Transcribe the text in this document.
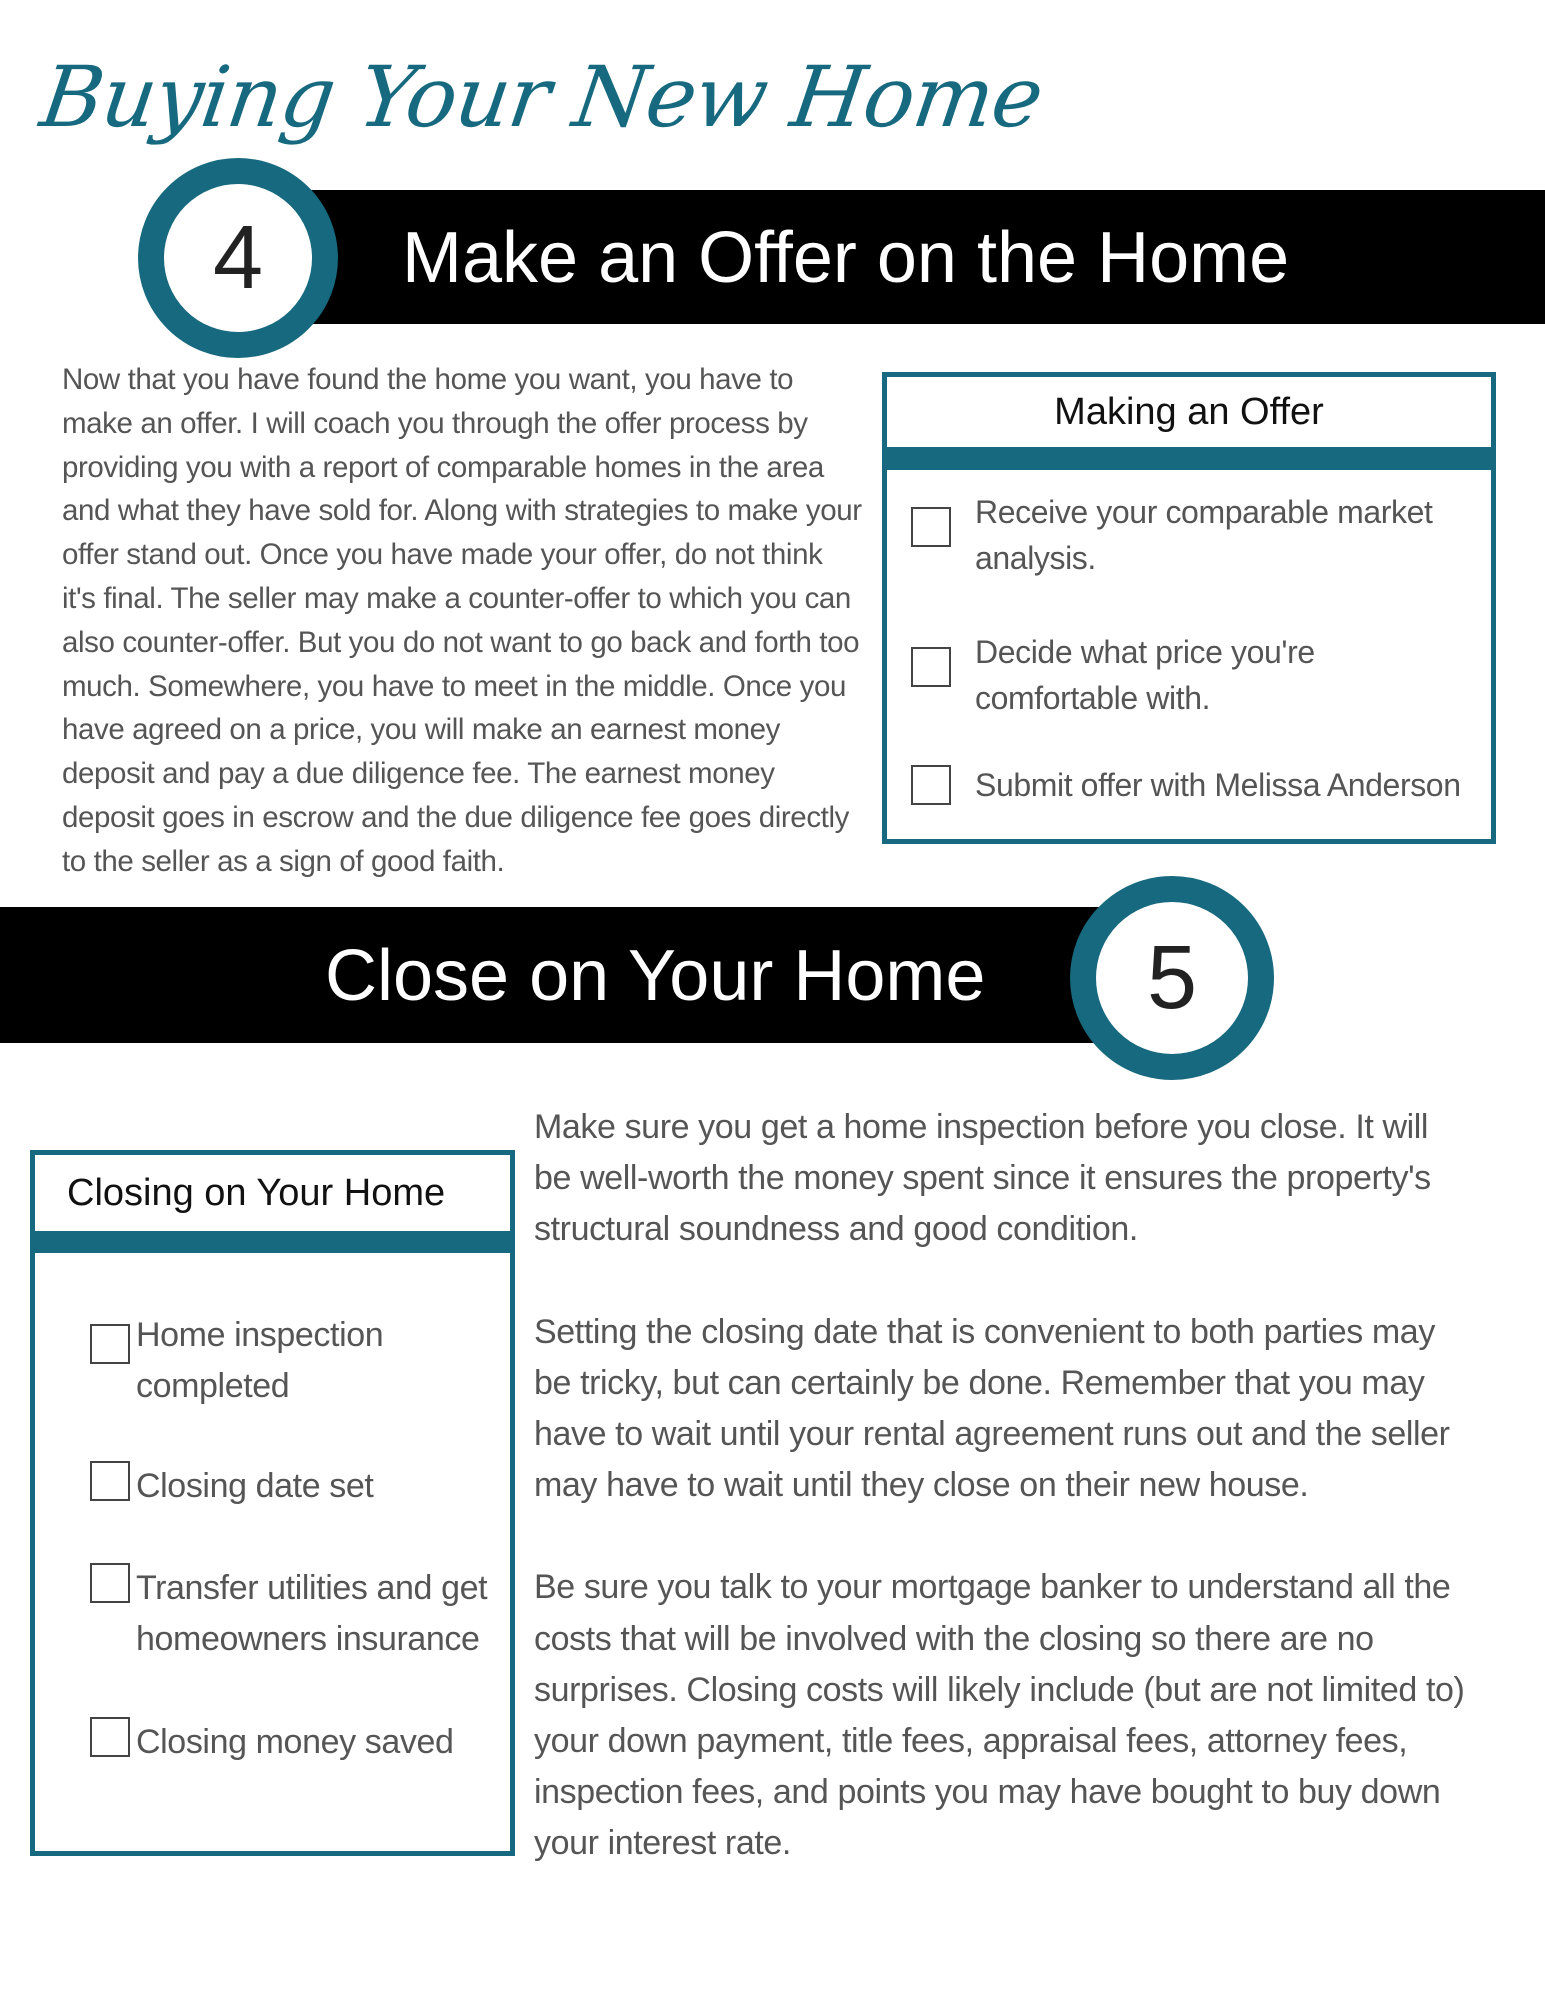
Buying Your New Home
Make an Offer on the Home
4

Now that you have found the home you want, you have to make an offer. I will coach you through the offer process by providing you with a report of comparable homes in the area and what they have sold for. Along with strategies to make your offer stand out. Once you have made your offer, do not think it's final. The seller may make a counter-offer to which you can also counter-offer. But you do not want to go back and forth too much. Somewhere, you have to meet in the middle. Once you have agreed on a price, you will make an earnest money deposit and pay a due diligence fee. The earnest money deposit goes in escrow and the due diligence fee goes directly to the seller as a sign of good faith.

Making an Offer
Receive your comparable market analysis.
Decide what price you're comfortable with.
Submit offer with Melissa Anderson
Close on Your Home 5
Closing on Your Home
Home inspection completed
Closing date set
Transfer utilities and get homeowners insurance
Closing money saved

Make sure you get a home inspection before you close. It will be well-worth the money spent since it ensures the property's structural soundness and good condition.

Setting the closing date that is convenient to both parties may be tricky, but can certainly be done. Remember that you may have to wait until your rental agreement runs out and the seller may have to wait until they close on their new house.

Be sure you talk to your mortgage banker to understand all the costs that will be involved with the closing so there are no surprises. Closing costs will likely include (but are not limited to) your down payment, title fees, appraisal fees, attorney fees, inspection fees, and points you may have bought to buy down your interest rate.
